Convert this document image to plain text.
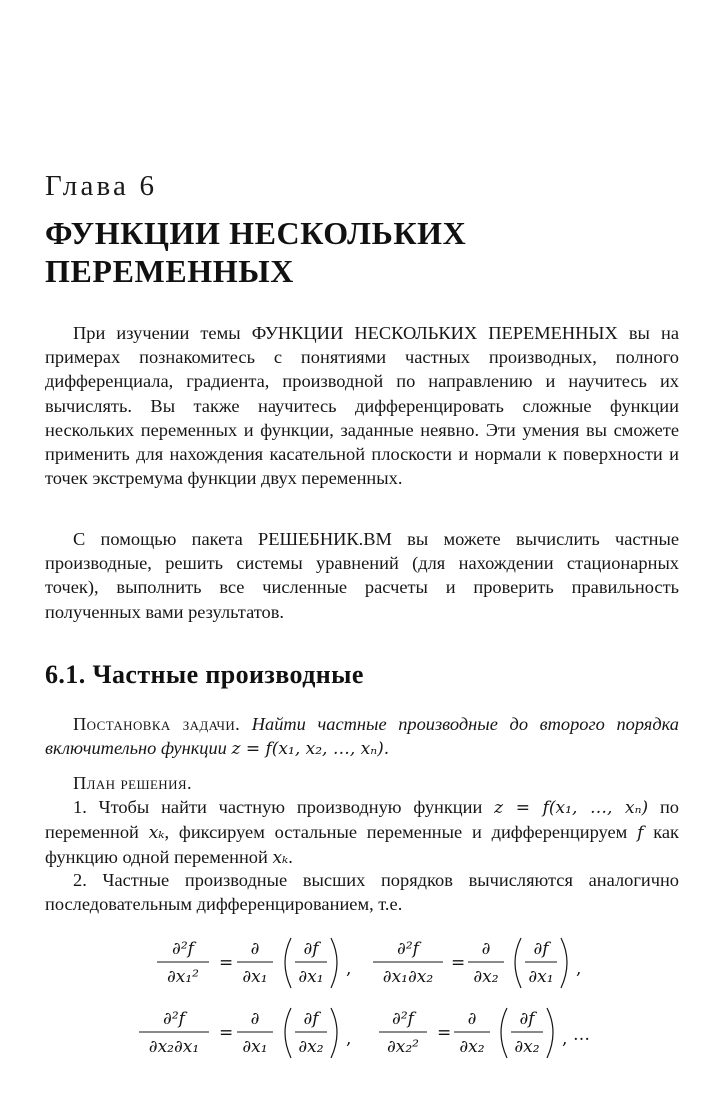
Глава 6
ФУНКЦИИ НЕСКОЛЬКИХ
ПЕРЕМЕННЫХ

При изучении темы ФУНКЦИИ НЕСКОЛЬКИХ ПЕРЕМЕННЫХ вы на примерах познакомитесь с понятиями частных производных, полного дифференциала, градиента, производной по направлению и научитесь их вычислять. Вы также научитесь дифференцировать сложные функции нескольких переменных и функции, заданные неявно. Эти умения вы сможете применить для нахождения касательной плоскости и нормали к поверхности и точек экстремума функции двух переменных.

С помощью пакета РЕШЕБНИК.ВМ вы можете вычислить частные производные, решить системы уравнений (для нахождении стационарных точек), выполнить все численные расчеты и проверить правильность полученных вами результатов.

6.1. Частные производные

Постановка задачи. Найти частные производные до второго порядка включительно функции z = f(x₁, x₂, …, xₙ).

План решения.

1. Чтобы найти частную производную функции z = f(x₁, …, xₙ) по переменной xₖ, фиксируем остальные переменные и дифференцируем f как функцию одной переменной xₖ.

2. Частные производные высших порядков вычисляются аналогично последовательным дифференцированием, т.е.

∂²f
∂x₁²
=
∂
∂x₁
∂f
∂x₁ ,
∂²f
∂x₁∂x₂
=
∂
∂x₂
∂f
∂x₁ ,
∂²f
∂x₂∂x₁
=
∂
∂x₁
∂f
∂x₂ ,
∂²f
∂x₂²
=
∂
∂x₂
∂f
∂x₂ , …
